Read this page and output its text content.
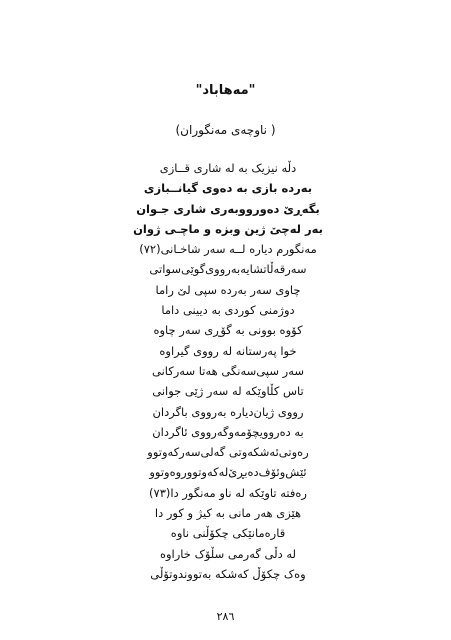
"مەهاباد"
( ناوچەی مەنگوران)
دڵە نیزیک بە لە شاری قــازی
بەردە بازی بە دەوی گیانــبازی
بگەڕێ دەورووبەری شاری جـوان
بەر لەچێ ژین وبزە و ماچـی ژوان
مەنگورم دیارە لــە سەر شاخـانی(٧٢)
سەرقەڵاتشایەبەرووی‌گوێی‌سواتی
چاوی سەر بەردە سپی لێ راما
دوژمنی کوردی بە دیینی داما
کۆوە بوونی بە گۆڕی سەر چاوە
خوا پەرستانە لە رووی گیراوە
سەر سپی‌سەنگی هەتا سەرکانی
تاس کڵاوێکە لە سەر ژێی جوانی
رووی ژیان‌دیارە بەرووی باگردان
بە دەروویچۆمەوگەرووی ئاگردان
رەوتی‌ئەشکەوتی گەلی‌سەرکەوتوو
ئێش‌وئۆف‌دەبڕێ‌لەکەوتووروەوتوو
رەفتە تاوێکە لە ناو مەنگور دا(٧٣)
هێزی هەر مانی بە کیژ و کور دا
قارەمانێکی چکۆڵنی ناوە
لە دڵی گەرمی سڵۆک خاراوە
وەک چکۆڵ کەشکە بەتووندوتۆڵی
٢٨٦
